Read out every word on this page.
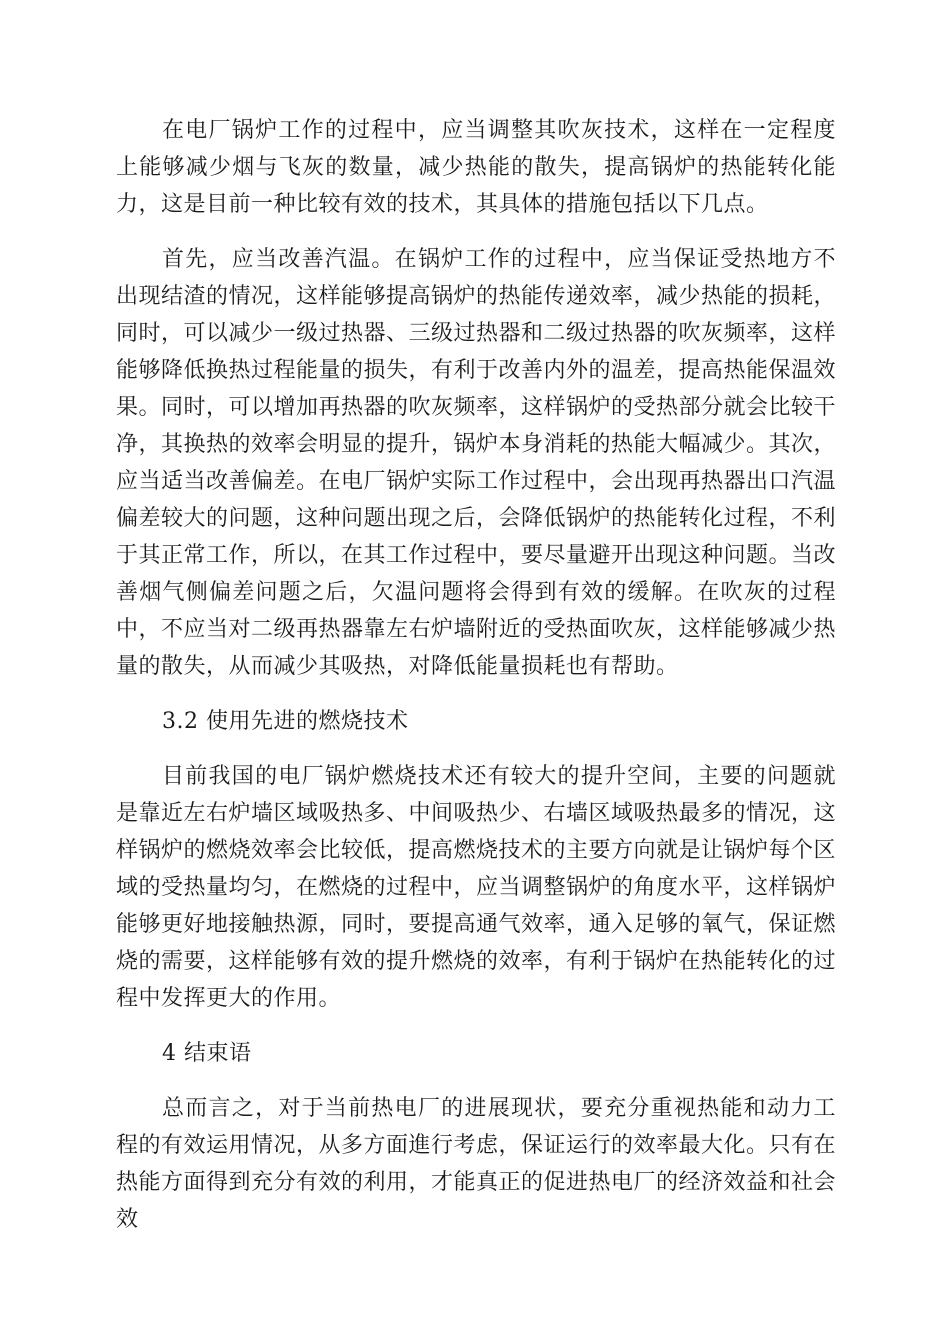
在电厂锅炉工作的过程中，应当调整其吹灰技术，这样在一定程度上能够减少烟与飞灰的数量，减少热能的散失，提高锅炉的热能转化能力，这是目前一种比较有效的技术，其具体的措施包括以下几点。

首先，应当改善汽温。在锅炉工作的过程中，应当保证受热地方不出现结渣的情况，这样能够提高锅炉的热能传递效率，减少热能的损耗，同时，可以减少一级过热器、三级过热器和二级过热器的吹灰频率，这样能够降低换热过程能量的损失，有利于改善内外的温差，提高热能保温效果。同时，可以增加再热器的吹灰频率，这样锅炉的受热部分就会比较干净，其换热的效率会明显的提升，锅炉本身消耗的热能大幅减少。其次，应当适当改善偏差。在电厂锅炉实际工作过程中，会出现再热器出口汽温偏差较大的问题，这种问题出现之后，会降低锅炉的热能转化过程，不利于其正常工作，所以，在其工作过程中，要尽量避开出现这种问题。当改善烟气侧偏差问题之后，欠温问题将会得到有效的缓解。在吹灰的过程中，不应当对二级再热器靠左右炉墙附近的受热面吹灰，这样能够减少热量的散失，从而减少其吸热，对降低能量损耗也有帮助。

3.2 使用先进的燃烧技术

目前我国的电厂锅炉燃烧技术还有较大的提升空间，主要的问题就是靠近左右炉墙区域吸热多、中间吸热少、右墙区域吸热最多的情况，这样锅炉的燃烧效率会比较低，提高燃烧技术的主要方向就是让锅炉每个区域的受热量均匀，在燃烧的过程中，应当调整锅炉的角度水平，这样锅炉能够更好地接触热源，同时，要提高通气效率，通入足够的氧气，保证燃烧的需要，这样能够有效的提升燃烧的效率，有利于锅炉在热能转化的过程中发挥更大的作用。

4 结束语

总而言之，对于当前热电厂的进展现状，要充分重视热能和动力工程的有效运用情况，从多方面進行考虑，保证运行的效率最大化。只有在热能方面得到充分有效的利用，才能真正的促进热电厂的经济效益和社会效
